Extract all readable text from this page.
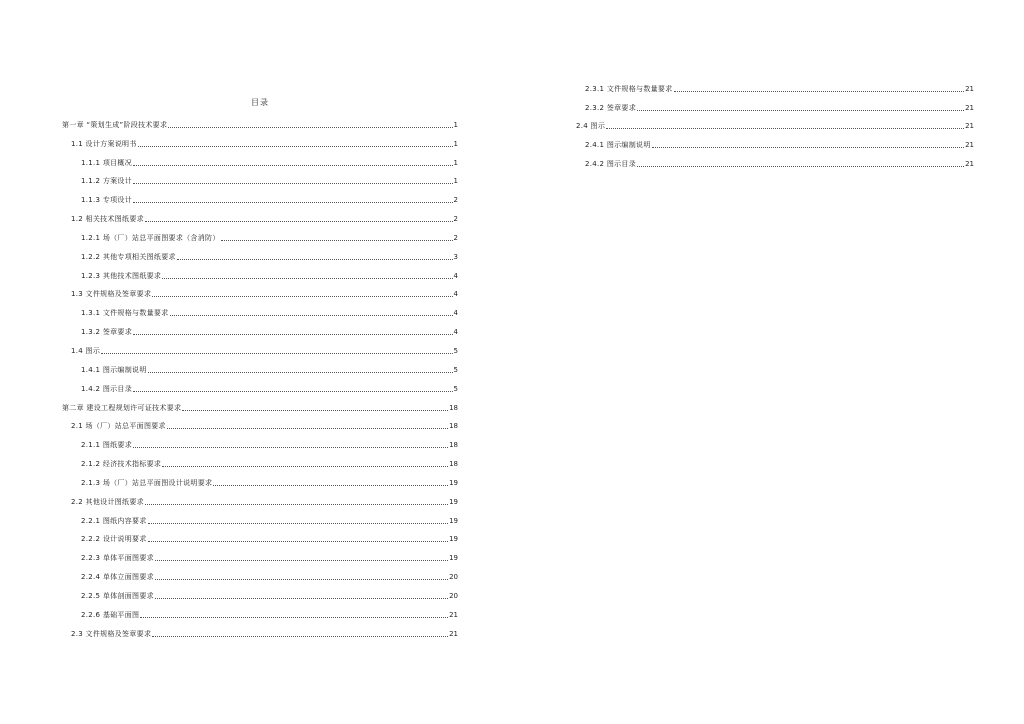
目录
第一章 “策划生成”阶段技术要求	1
1.1 设计方案说明书	1
1.1.1 项目概况	1
1.1.2 方案设计	1
1.1.3 专项设计	2
1.2 相关技术图纸要求	2
1.2.1 场（厂）站总平面图要求（含消防）	2
1.2.2 其他专项相关图纸要求	3
1.2.3 其他技术图纸要求	4
1.3 文件规格及签章要求	4
1.3.1 文件规格与数量要求	4
1.3.2 签章要求	4
1.4 图示	5
1.4.1 图示编制说明	5
1.4.2 图示目录	5
第二章 建设工程规划许可证技术要求	18
2.1 场（厂）站总平面图要求	18
2.1.1 图纸要求	18
2.1.2 经济技术指标要求	18
2.1.3 场（厂）站总平面图设计说明要求	19
2.2 其他设计图纸要求	19
2.2.1 图纸内容要求	19
2.2.2 设计说明要求	19
2.2.3 单体平面图要求	19
2.2.4 单体立面图要求	20
2.2.5 单体剖面图要求	20
2.2.6 基础平面图	21
2.3 文件规格及签章要求	21
2.3.1 文件规格与数量要求	21
2.3.2 签章要求	21
2.4 图示	21
2.4.1 图示编制说明	21
2.4.2 图示目录	21
